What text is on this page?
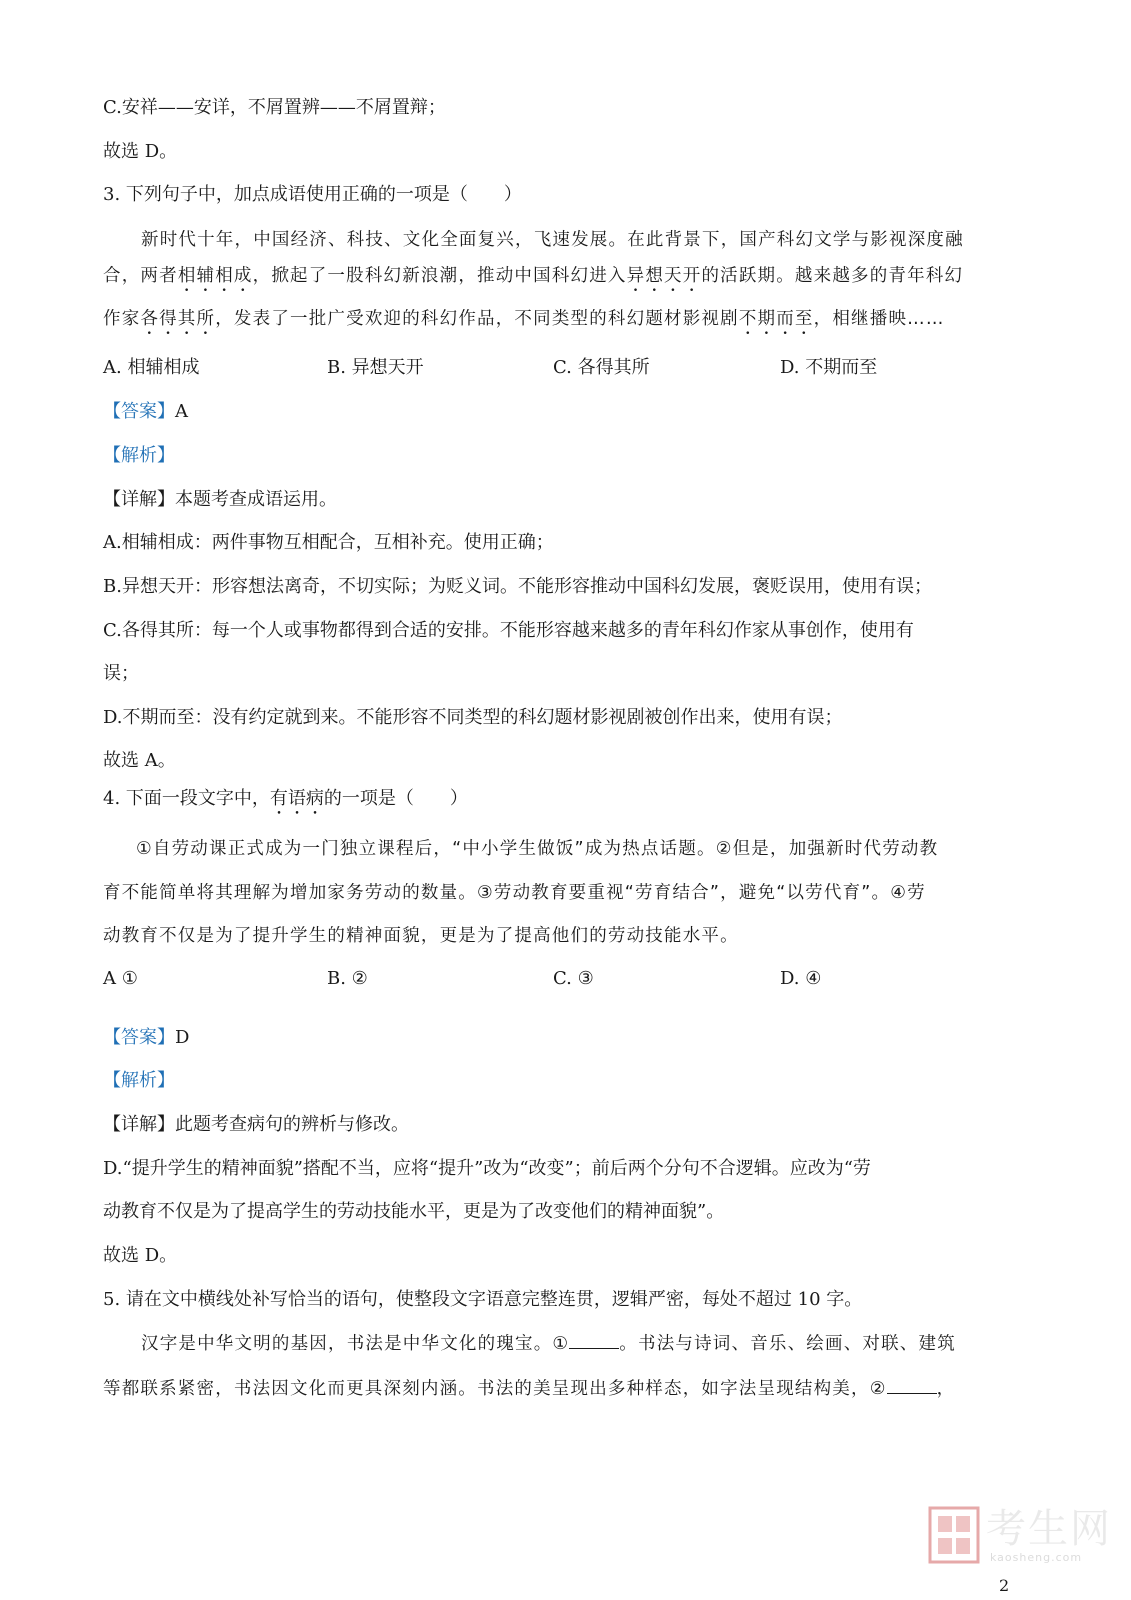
C.安祥——安详，不屑置辨——不屑置辩；
故选 D。
3. 下列句子中，加点成语使用正确的一项是（　　）
新时代十年，中国经济、科技、文化全面复兴，飞速发展。在此背景下，国产科幻文学与影视深度融
合，两者相辅相成，掀起了一股科幻新浪潮，推动中国科幻进入异想天开的活跃期。越来越多的青年科幻
作家各得其所，发表了一批广受欢迎的科幻作品，不同类型的科幻题材影视剧不期而至，相继播映……
A. 相辅相成	B. 异想天开	C. 各得其所	D. 不期而至
【答案】A
【解析】
【详解】本题考查成语运用。
A.相辅相成：两件事物互相配合，互相补充。使用正确；
B.异想天开：形容想法离奇，不切实际；为贬义词。不能形容推动中国科幻发展，褒贬误用，使用有误；
C.各得其所：每一个人或事物都得到合适的安排。不能形容越来越多的青年科幻作家从事创作，使用有
误；
D.不期而至：没有约定就到来。不能形容不同类型的科幻题材影视剧被创作出来，使用有误；
故选 A。
4. 下面一段文字中，有语病的一项是（　　）
①自劳动课正式成为一门独立课程后，“中小学生做饭”成为热点话题。②但是，加强新时代劳动教
育不能简单将其理解为增加家务劳动的数量。③劳动教育要重视“劳育结合”，避免“以劳代育”。④劳
动教育不仅是为了提升学生的精神面貌，更是为了提高他们的劳动技能水平。
A ①	B. ②	C. ③	D. ④
【答案】D
【解析】
【详解】此题考查病句的辨析与修改。
D.“提升学生的精神面貌”搭配不当，应将“提升”改为“改变”；前后两个分句不合逻辑。应改为“劳
动教育不仅是为了提高学生的劳动技能水平，更是为了改变他们的精神面貌”。
故选 D。
5. 请在文中横线处补写恰当的语句，使整段文字语意完整连贯，逻辑严密，每处不超过 10 字。
汉字是中华文明的基因，书法是中华文化的瑰宝。①	。书法与诗词、音乐、绘画、对联、建筑
等都联系紧密，书法因文化而更具深刻内涵。书法的美呈现出多种样态，如字法呈现结构美，②	，
考生网
kaosheng.com
2
